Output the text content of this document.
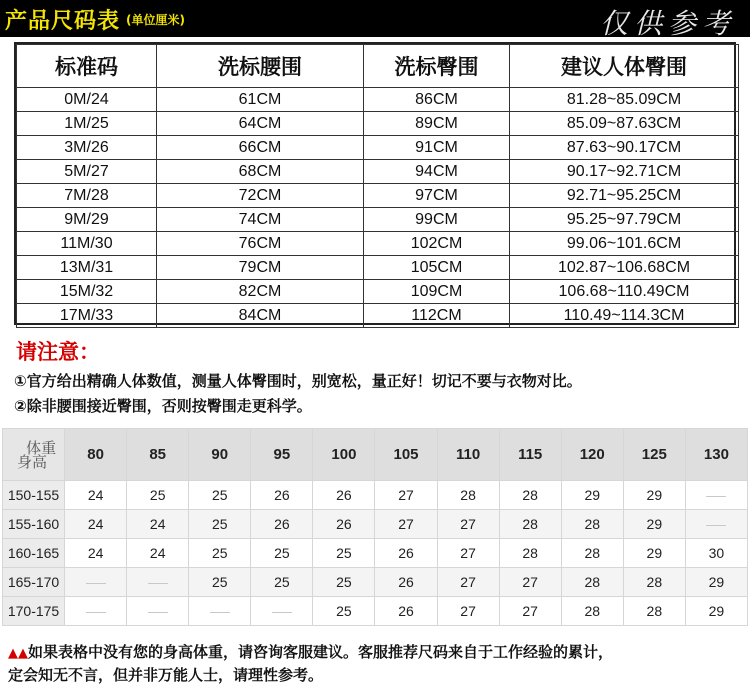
产品尺码表 (单位厘米)	仅供参考
标准码	洗标腰围	洗标臀围	建议人体臀围
0M/24	61CM	86CM	81.28~85.09CM
1M/25	64CM	89CM	85.09~87.63CM
3M/26	66CM	91CM	87.63~90.17CM
5M/27	68CM	94CM	90.17~92.71CM
7M/28	72CM	97CM	92.71~95.25CM
9M/29	74CM	99CM	95.25~97.79CM
11M/30	76CM	102CM	99.06~101.6CM
13M/31	79CM	105CM	102.87~106.68CM
15M/32	82CM	109CM	106.68~110.49CM
17M/33	84CM	112CM	110.49~114.3CM
请注意：
①官方给出精确人体数值，测量人体臀围时，别宽松，量正好！切记不要与衣物对比。
②除非腰围接近臀围，否则按臀围走更科学。
体重
身高	80	85	90	95	100	105	110	115	120	125	130
150-155	24	25	25	26	26	27	28	28	29	29	
155-160	24	24	25	26	26	27	27	28	28	29	
160-165	24	24	25	25	25	26	27	28	28	29	30
165-170			25	25	25	26	27	27	28	28	29
170-175					25	26	27	27	28	28	29
▲▲如果表格中没有您的身高体重，请咨询客服建议。客服推荐尺码来自于工作经验的累计，
定会知无不言，但并非万能人士，请理性参考。
